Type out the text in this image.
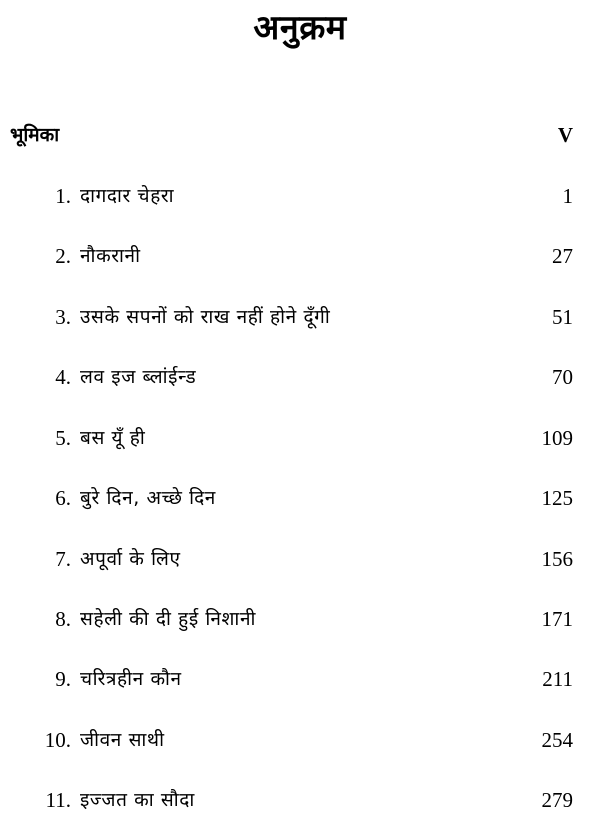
अनुक्रम
भूमिका	V
1. दागदार चेहरा	1
2. नौकरानी	27
3. उसके सपनों को राख नहीं होने दूँगी	51
4. लव इज ब्लांईन्ड	70
5. बस यूँ ही	109
6. बुरे दिन, अच्छे दिन	125
7. अपूर्वा के लिए	156
8. सहेली की दी हुई निशानी	171
9. चरित्रहीन कौन	211
10. जीवन साथी	254
11. इज्जत का सौदा	279
